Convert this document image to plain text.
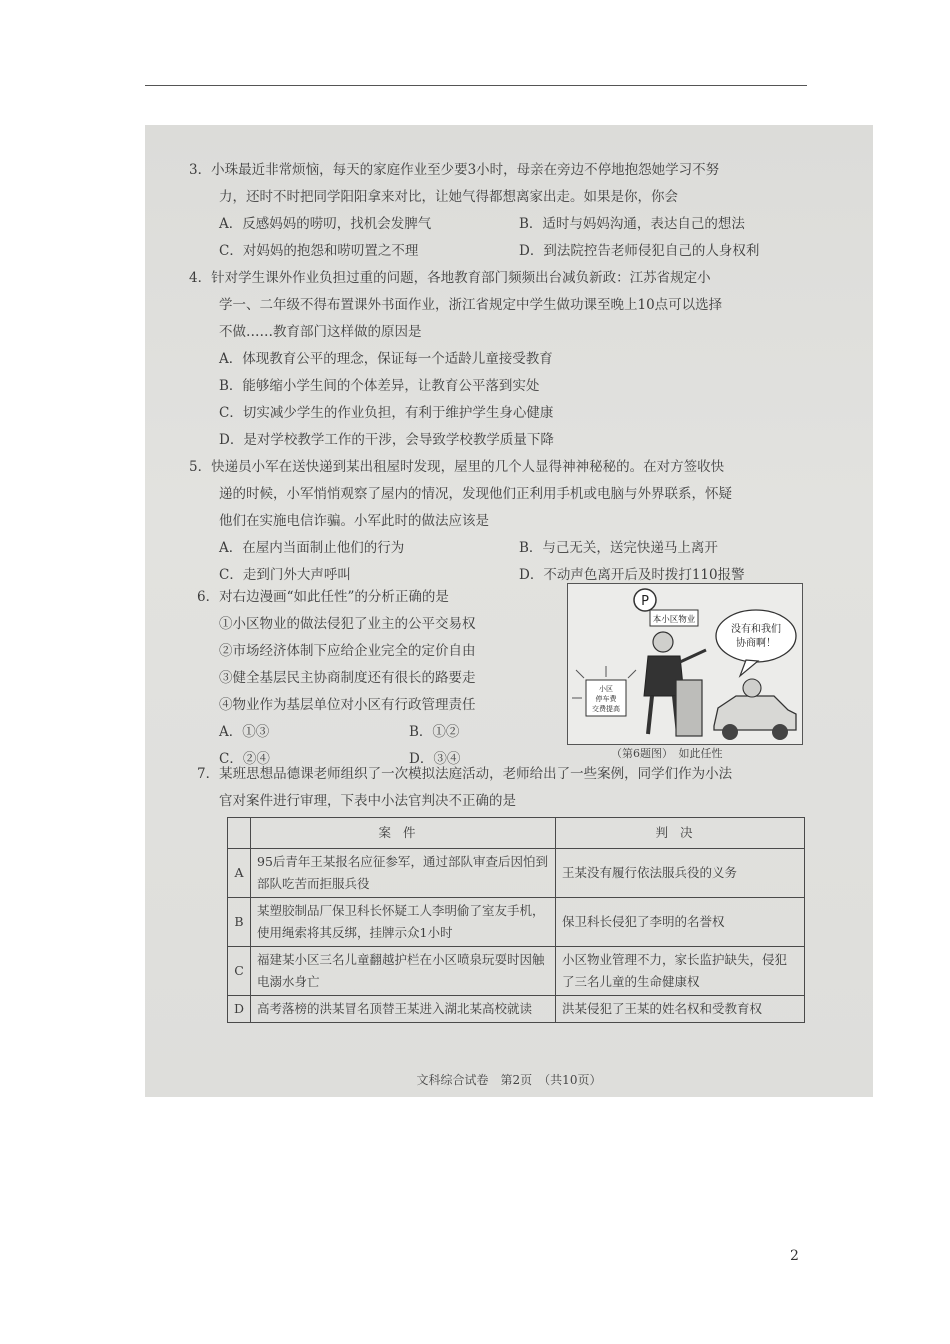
3．小珠最近非常烦恼，每天的家庭作业至少要3小时，母亲在旁边不停地抱怨她学习不努
力，还时不时把同学阳阳拿来对比，让她气得都想离家出走。如果是你，你会
A．反感妈妈的唠叨，找机会发脾气	B．适时与妈妈沟通，表达自己的想法
C．对妈妈的抱怨和唠叨置之不理	D．到法院控告老师侵犯自己的人身权利
4．针对学生课外作业负担过重的问题，各地教育部门频频出台减负新政：江苏省规定小
学一、二年级不得布置课外书面作业，浙江省规定中学生做功课至晚上10点可以选择
不做……教育部门这样做的原因是
A．体现教育公平的理念，保证每一个适龄儿童接受教育
B．能够缩小学生间的个体差异，让教育公平落到实处
C．切实减少学生的作业负担，有利于维护学生身心健康
D．是对学校教学工作的干涉，会导致学校教学质量下降
5．快递员小军在送快递到某出租屋时发现，屋里的几个人显得神神秘秘的。在对方签收快
递的时候，小军悄悄观察了屋内的情况，发现他们正利用手机或电脑与外界联系，怀疑
他们在实施电信诈骗。小军此时的做法应该是
A．在屋内当面制止他们的行为	B．与己无关，送完快递马上离开
C．走到门外大声呼叫	D．不动声色离开后及时拨打110报警
6．对右边漫画“如此任性”的分析正确的是
①小区物业的做法侵犯了业主的公平交易权
②市场经济体制下应给企业完全的定价自由
③健全基层民主协商制度还有很长的路要走
④物业作为基层单位对小区有行政管理责任
A．①③	B．①②
C．②④	D．③④
P
本小区物业
小区
停车费
交费提高
没有和我们
协商啊！
（第6题图）　如此任性
7．某班思想品德课老师组织了一次模拟法庭活动，老师给出了一些案例，同学们作为小法
官对案件进行审理，下表中小法官判决不正确的是
	案件	判决
A	95后青年王某报名应征参军，通过部队审查后因怕到部队吃苦而拒服兵役	王某没有履行依法服兵役的义务
B	某塑胶制品厂保卫科长怀疑工人李明偷了室友手机，使用绳索将其反绑，挂牌示众1小时	保卫科长侵犯了李明的名誉权
C	福建某小区三名儿童翻越护栏在小区喷泉玩耍时因触电溺水身亡	小区物业管理不力，家长监护缺失，侵犯了三名儿童的生命健康权
D	高考落榜的洪某冒名顶替王某进入湖北某高校就读	洪某侵犯了王某的姓名权和受教育权
文科综合试卷　第2页　（共10页）
2
